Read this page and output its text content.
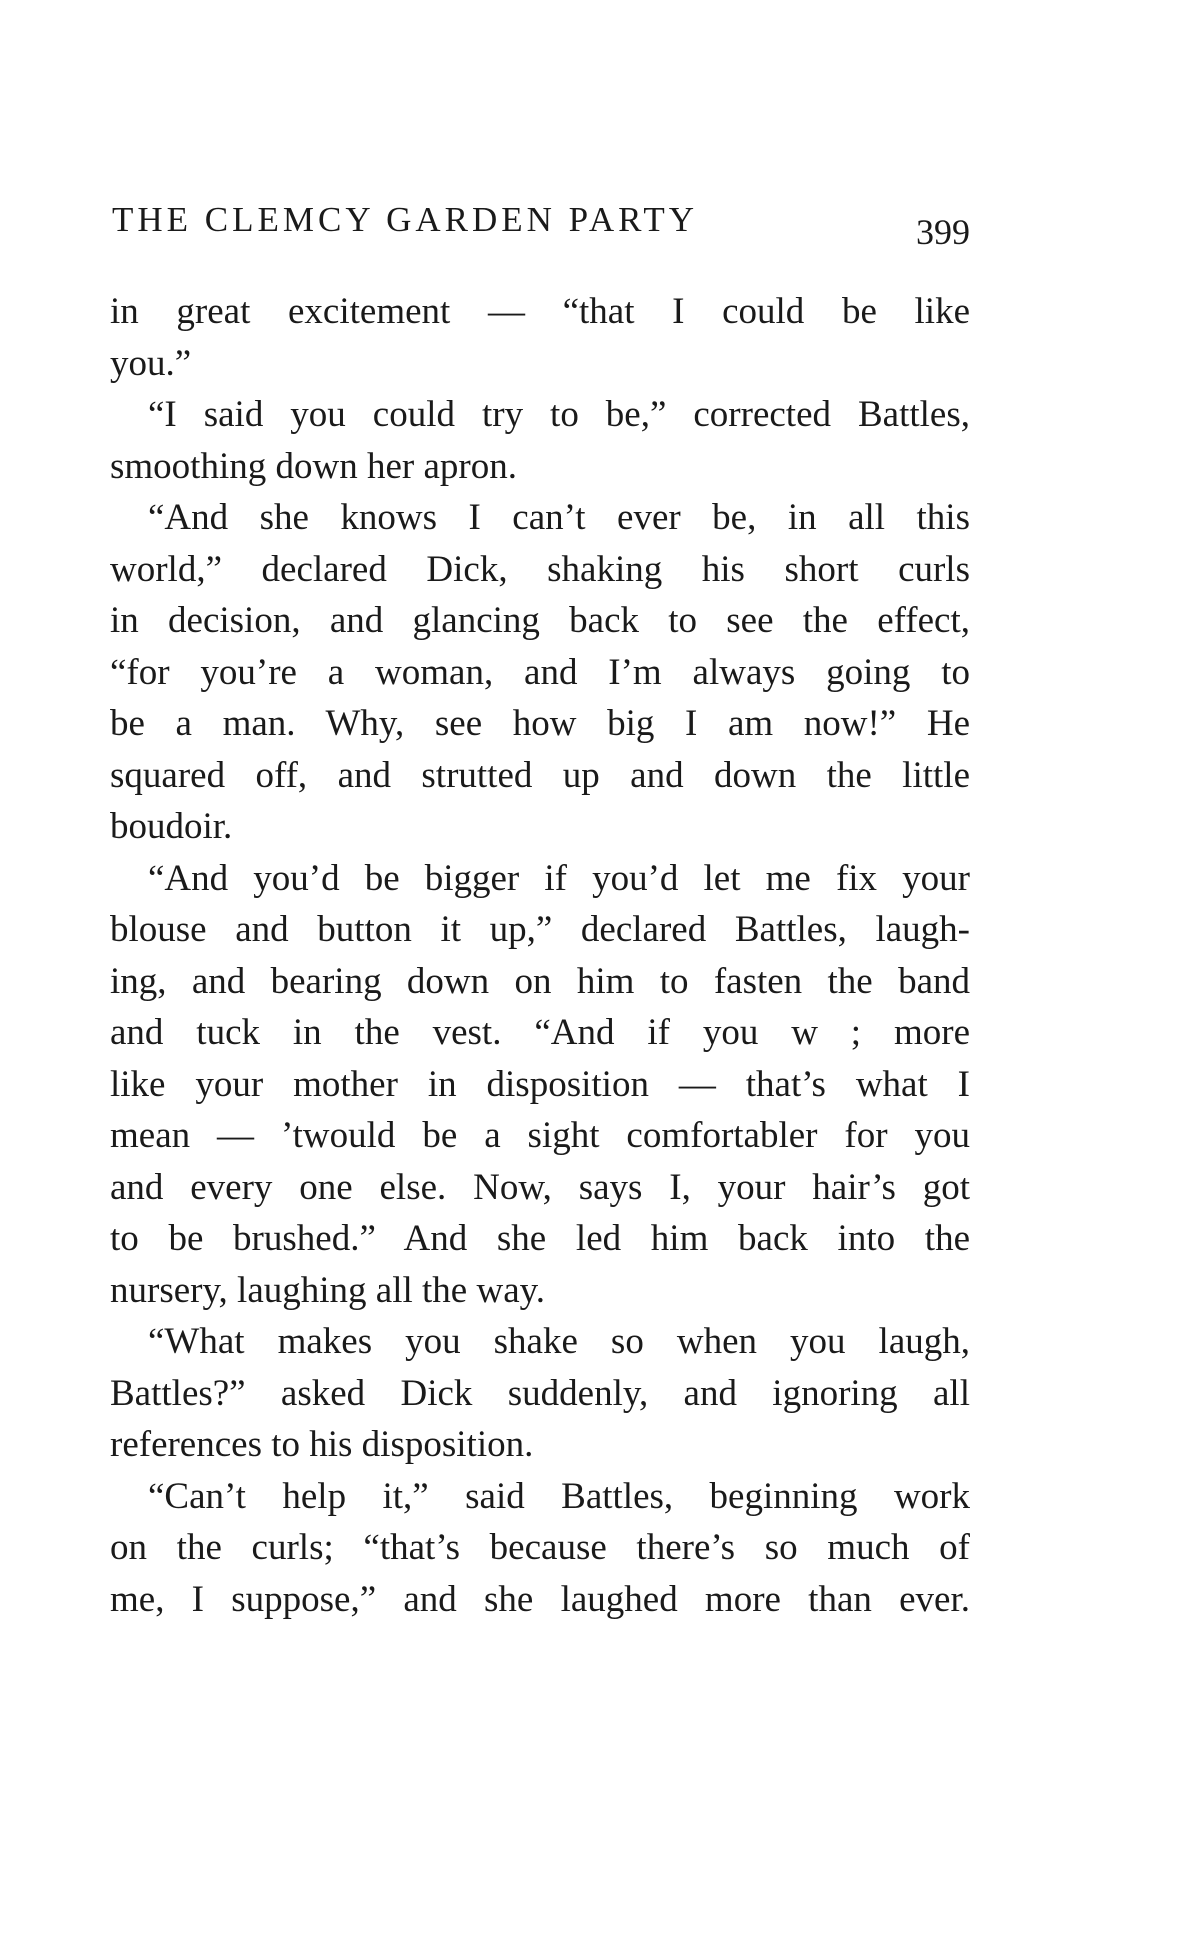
THE CLEMCY GARDEN PARTY	399
in great excitement — “that I could be like
you.”
“I said you could try to be,” corrected Battles,
smoothing down her apron.
“And she knows I can’t ever be, in all this
world,” declared Dick, shaking his short curls
in decision, and glancing back to see the effect,
“for you’re a woman, and I’m always going to
be a man. Why, see how big I am now!” He
squared off, and strutted up and down the little
boudoir.
“And you’d be bigger if you’d let me fix your
blouse and button it up,” declared Battles, laugh-
ing, and bearing down on him to fasten the band
and tuck in the vest. “And if you w ; more
like your mother in disposition — that’s what I
mean — ’twould be a sight comfortabler for you
and every one else. Now, says I, your hair’s got
to be brushed.” And she led him back into the
nursery, laughing all the way.
“What makes you shake so when you laugh,
Battles?” asked Dick suddenly, and ignoring all
references to his disposition.
“Can’t help it,” said Battles, beginning work
on the curls; “that’s because there’s so much of
me, I suppose,” and she laughed more than ever.
